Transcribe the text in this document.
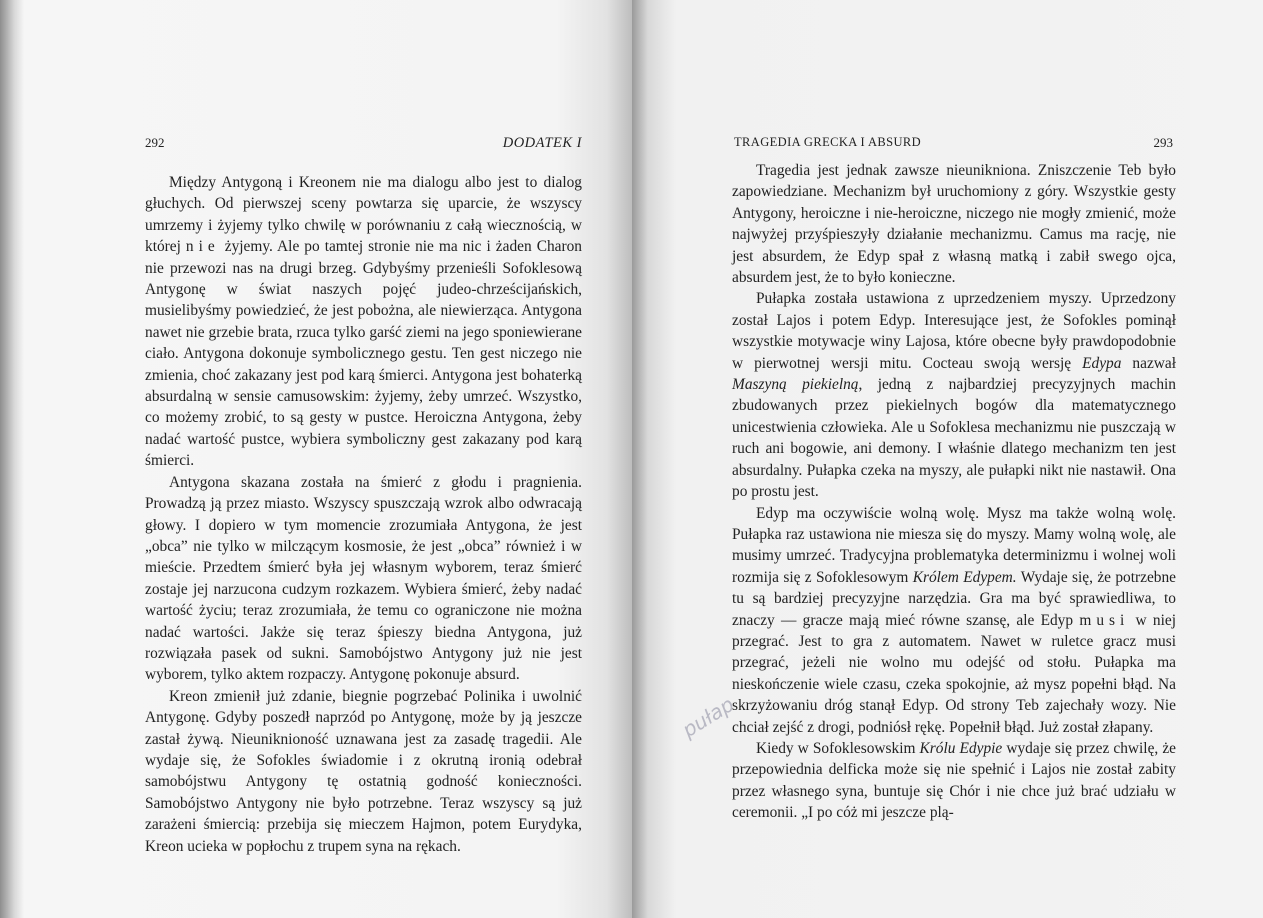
292	DODATEK I

Między Antygoną i Kreonem nie ma dialogu albo jest to dialog głuchych. Od pierwszej sceny powtarza się uparcie, że wszyscy umrzemy i żyjemy tylko chwilę w porównaniu z całą wiecznością, w której nie żyjemy. Ale po tamtej stronie nie ma nic i żaden Charon nie przewozi nas na drugi brzeg. Gdybyśmy przenieśli Sofoklesową Antygonę w świat naszych pojęć judeo-chrześcijańskich, musielibyśmy powiedzieć, że jest pobożna, ale niewierząca. Antygona nawet nie grzebie brata, rzuca tylko garść ziemi na jego sponiewierane ciało. Antygona dokonuje symbolicznego gestu. Ten gest niczego nie zmienia, choć zakazany jest pod karą śmierci. Antygona jest bohaterką absurdalną w sensie camusowskim: żyjemy, żeby umrzeć. Wszystko, co możemy zrobić, to są gesty w pustce. Heroiczna Antygona, żeby nadać wartość pustce, wybiera symboliczny gest zakazany pod karą śmierci.

Antygona skazana została na śmierć z głodu i pragnienia. Prowadzą ją przez miasto. Wszyscy spuszczają wzrok albo odwracają głowy. I dopiero w tym momencie zrozumiała Antygona, że jest „obca” nie tylko w milczącym kosmosie, że jest „obca” również i w mieście. Przedtem śmierć była jej własnym wyborem, teraz śmierć zostaje jej narzucona cudzym rozkazem. Wybiera śmierć, żeby nadać wartość życiu; teraz zrozumiała, że temu co ograniczone nie można nadać wartości. Jakże się teraz śpieszy biedna Antygona, już rozwiązała pasek od sukni. Samobójstwo Antygony już nie jest wyborem, tylko aktem rozpaczy. Antygonę pokonuje absurd.

Kreon zmienił już zdanie, biegnie pogrzebać Polinika i uwolnić Antygonę. Gdyby poszedł naprzód po Antygonę, może by ją jeszcze zastał żywą. Nieuniknioność uznawana jest za zasadę tragedii. Ale wydaje się, że Sofokles świadomie i z okrutną ironią odebrał samobójstwu Antygony tę ostatnią godność konieczności. Samobójstwo Antygony nie było potrzebne. Teraz wszyscy są już zarażeni śmiercią: przebija się mieczem Hajmon, potem Eurydyka, Kreon ucieka w popłochu z trupem syna na rękach.

TRAGEDIA GRECKA I ABSURD	293

Tragedia jest jednak zawsze nieunikniona. Zniszczenie Teb było zapowiedziane. Mechanizm był uruchomiony z góry. Wszystkie gesty Antygony, heroiczne i nie-heroiczne, niczego nie mogły zmienić, może najwyżej przyśpieszyły działanie mechanizmu. Camus ma rację, nie jest absurdem, że Edyp spał z własną matką i zabił swego ojca, absurdem jest, że to było konieczne.

Pułapka została ustawiona z uprzedzeniem myszy. Uprzedzony został Lajos i potem Edyp. Interesujące jest, że Sofokles pominął wszystkie motywacje winy Lajosa, które obecne były prawdopodobnie w pierwotnej wersji mitu. Cocteau swoją wersję Edypa nazwał Maszyną piekielną, jedną z najbardziej precyzyjnych machin zbudowanych przez piekielnych bogów dla matematycznego unicestwienia człowieka. Ale u Sofoklesa mechanizmu nie puszczają w ruch ani bogowie, ani demony. I właśnie dlatego mechanizm ten jest absurdalny. Pułapka czeka na myszy, ale pułapki nikt nie nastawił. Ona po prostu jest.

Edyp ma oczywiście wolną wolę. Mysz ma także wolną wolę. Pułapka raz ustawiona nie miesza się do myszy. Mamy wolną wolę, ale musimy umrzeć. Tradycyjna problematyka determinizmu i wolnej woli rozmija się z Sofoklesowym Królem Edypem. Wydaje się, że potrzebne tu są bardziej precyzyjne narzędzia. Gra ma być sprawiedliwa, to znaczy — gracze mają mieć równe szansę, ale Edyp musi w niej przegrać. Jest to gra z automatem. Nawet w ruletce gracz musi przegrać, jeżeli nie wolno mu odejść od stołu. Pułapka ma nieskończenie wiele czasu, czeka spokojnie, aż mysz popełni błąd. Na skrzyżowaniu dróg stanął Edyp. Od strony Teb zajechały wozy. Nie chciał zejść z drogi, podniósł rękę. Popełnił błąd. Już został złapany.

Kiedy w Sofoklesowskim Królu Edypie wydaje się przez chwilę, że przepowiednia delficka może się nie spełnić i Lajos nie został zabity przez własnego syna, buntuje się Chór i nie chce już brać udziału w ceremonii. „I po cóż mi jeszcze plą-

pułap
